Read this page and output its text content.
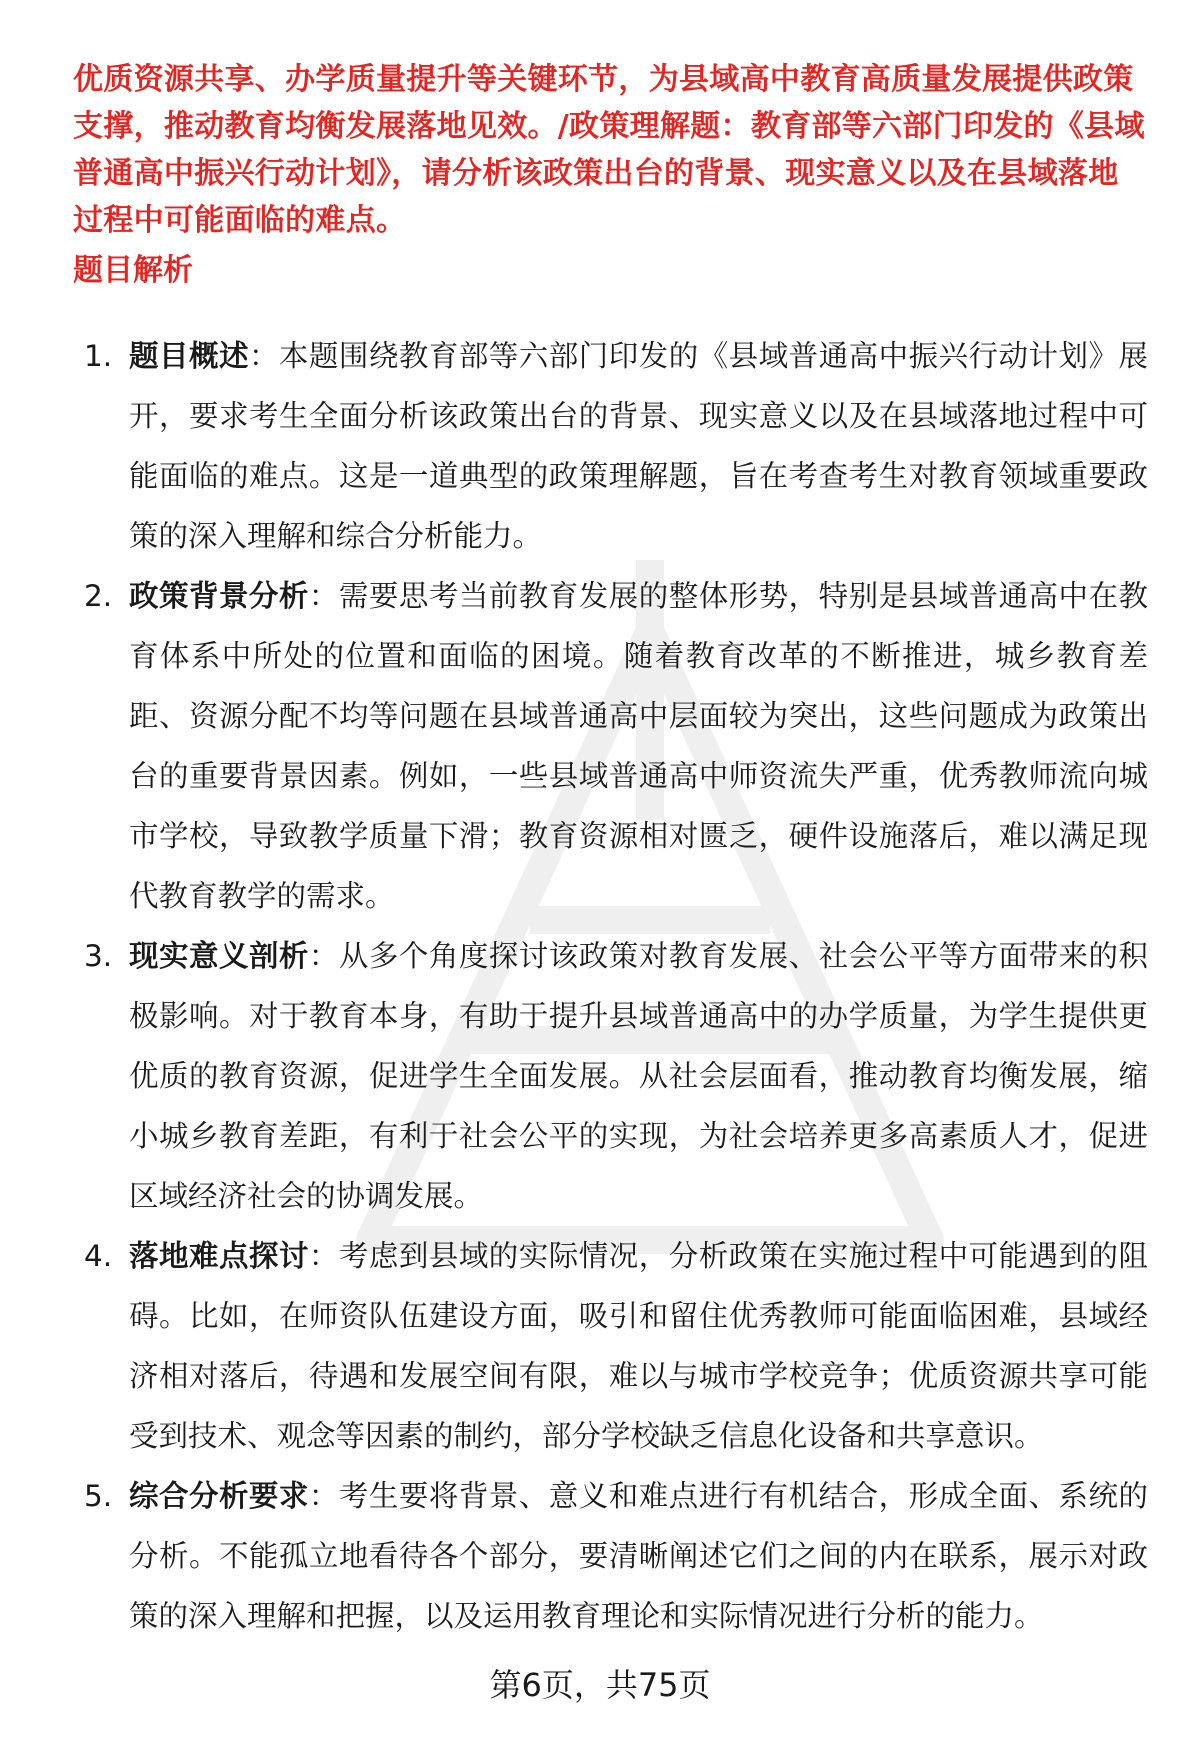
优质资源共享、办学质量提升等关键环节，为县域高中教育高质量发展提供政策支撑，推动教育均衡发展落地见效。/政策理解题：教育部等六部门印发的《县域普通高中振兴行动计划》，请分析该政策出台的背景、现实意义以及在县域落地过程中可能面临的难点。

题目解析
1. 题目概述：本题围绕教育部等六部门印发的《县域普通高中振兴行动计划》展开，要求考生全面分析该政策出台的背景、现实意义以及在县域落地过程中可能面临的难点。这是一道典型的政策理解题，旨在考查考生对教育领域重要政策的深入理解和综合分析能力。
2. 政策背景分析：需要思考当前教育发展的整体形势，特别是县域普通高中在教育体系中所处的位置和面临的困境。随着教育改革的不断推进，城乡教育差距、资源分配不均等问题在县域普通高中层面较为突出，这些问题成为政策出台的重要背景因素。例如，一些县域普通高中师资流失严重，优秀教师流向城市学校，导致教学质量下滑；教育资源相对匮乏，硬件设施落后，难以满足现代教育教学的需求。
3. 现实意义剖析：从多个角度探讨该政策对教育发展、社会公平等方面带来的积极影响。对于教育本身，有助于提升县域普通高中的办学质量，为学生提供更优质的教育资源，促进学生全面发展。从社会层面看，推动教育均衡发展，缩小城乡教育差距，有利于社会公平的实现，为社会培养更多高素质人才，促进区域经济社会的协调发展。
4. 落地难点探讨：考虑到县域的实际情况，分析政策在实施过程中可能遇到的阻碍。比如，在师资队伍建设方面，吸引和留住优秀教师可能面临困难，县域经济相对落后，待遇和发展空间有限，难以与城市学校竞争；优质资源共享可能受到技术、观念等因素的制约，部分学校缺乏信息化设备和共享意识。
5. 综合分析要求：考生要将背景、意义和难点进行有机结合，形成全面、系统的分析。不能孤立地看待各个部分，要清晰阐述它们之间的内在联系，展示对政策的深入理解和把握，以及运用教育理论和实际情况进行分析的能力。
第6页，共75页
